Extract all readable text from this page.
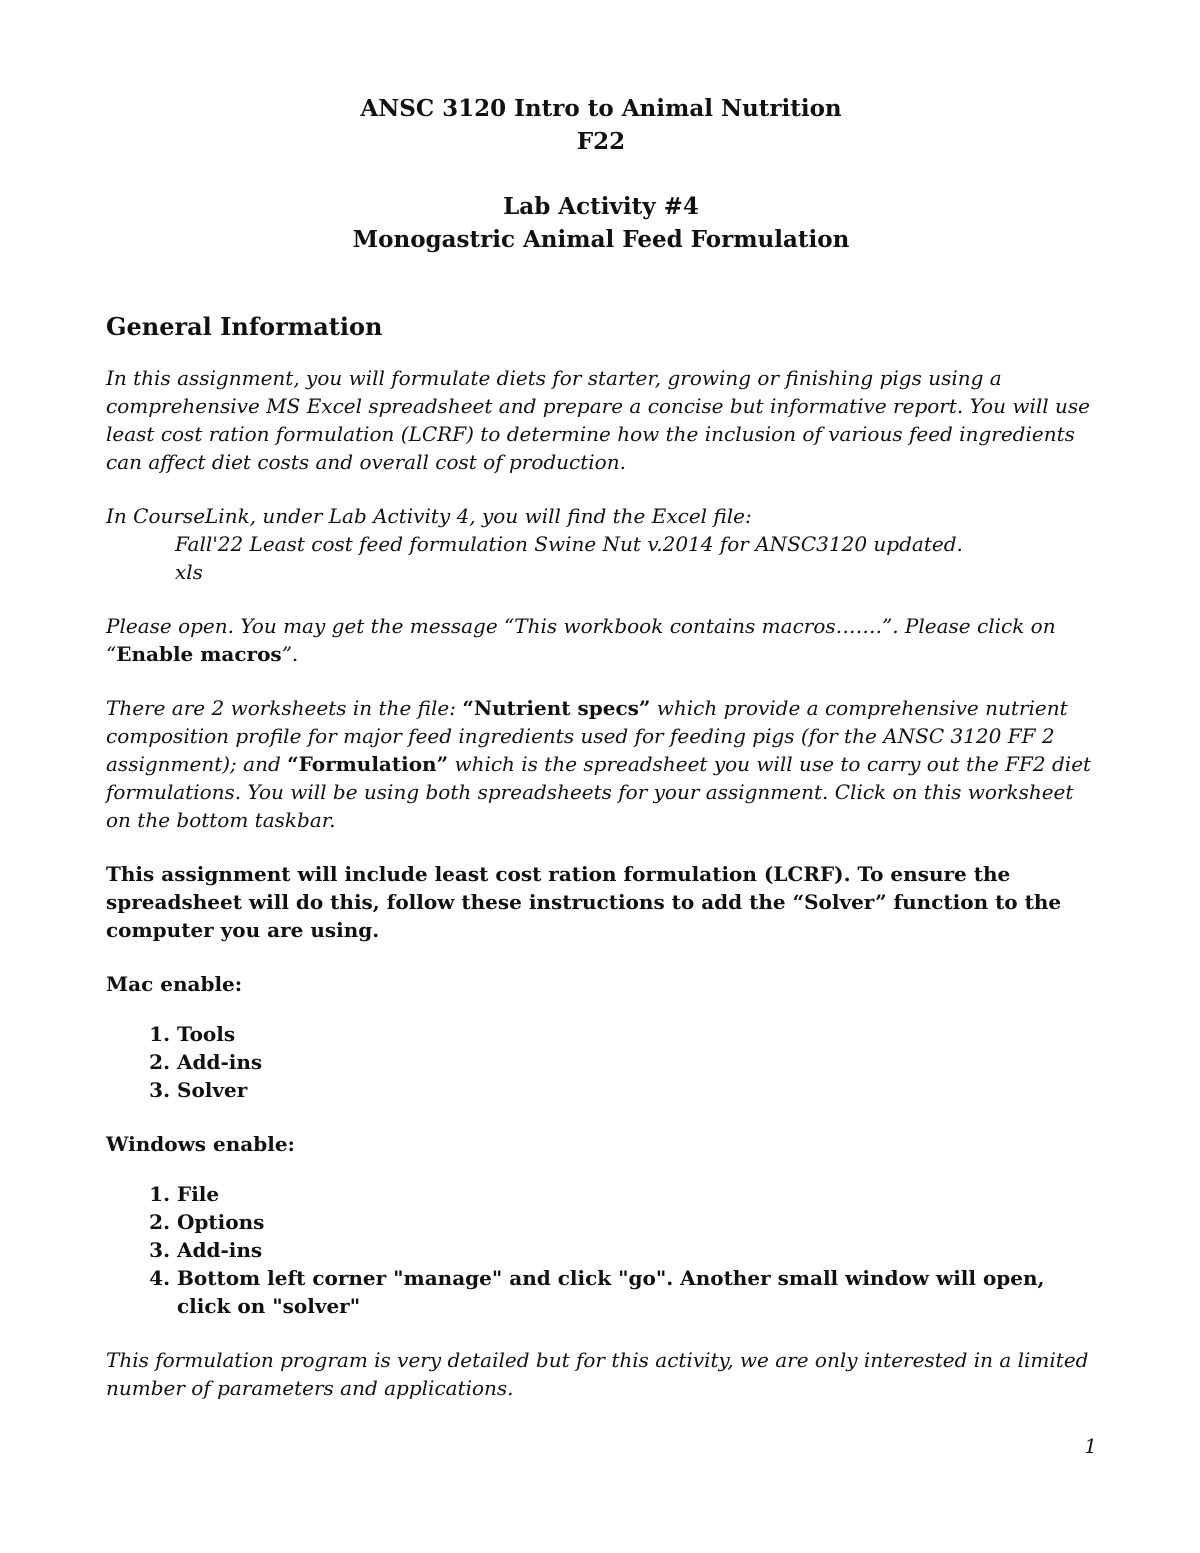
ANSC 3120 Intro to Animal Nutrition
F22
Lab Activity #4
Monogastric Animal Feed Formulation
General Information

In this assignment, you will formulate diets for starter, growing or finishing pigs using a comprehensive MS Excel spreadsheet and prepare a concise but informative report. You will use least cost ration formulation (LCRF) to determine how the inclusion of various feed ingredients can affect diet costs and overall cost of production.

In CourseLink, under Lab Activity 4, you will find the Excel file:

Fall'22 Least cost feed formulation Swine Nut v.2014 for ANSC3120 updated.

xls

Please open. You may get the message “This workbook contains macros…….”. Please click on “Enable macros”.

There are 2 worksheets in the file: “Nutrient specs” which provide a comprehensive nutrient composition profile for major feed ingredients used for feeding pigs (for the ANSC 3120 FF 2 assignment); and “Formulation” which is the spreadsheet you will use to carry out the FF2 diet formulations. You will be using both spreadsheets for your assignment. Click on this worksheet on the bottom taskbar.

This assignment will include least cost ration formulation (LCRF). To ensure the spreadsheet will do this, follow these instructions to add the “Solver” function to the computer you are using.

Mac enable:
1. Tools
2. Add-ins
3. Solver
Windows enable:
1. File
2. Options
3. Add-ins
4. Bottom left corner "manage" and click "go". Another small window will open, click on "solver"

This formulation program is very detailed but for this activity, we are only interested in a limited number of parameters and applications.

1
